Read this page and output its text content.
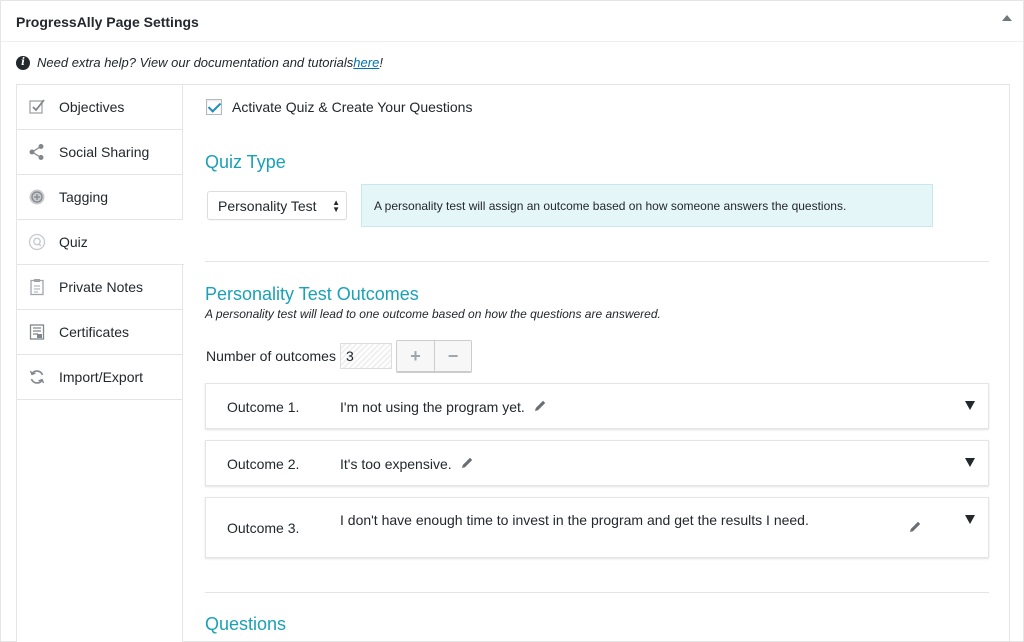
ProgressAlly Page Settings
i Need extra help? View our documentation and tutorials here !
Objectives
Social Sharing
Tagging
Quiz
Private Notes
Certificates
Import/Export
Activate Quiz & Create Your Questions
Quiz Type
Personality Test ▲
▼	A personality test will assign an outcome based on how someone answers the questions.
Personality Test Outcomes
A personality test will lead to one outcome based on how the questions are answered.
Number of outcomes 3	+	−
Outcome 1.	I'm not using the program yet.
Outcome 2.	It's too expensive.
Outcome 3.	I don't have enough time to invest in the program and get the results I need.
Questions
